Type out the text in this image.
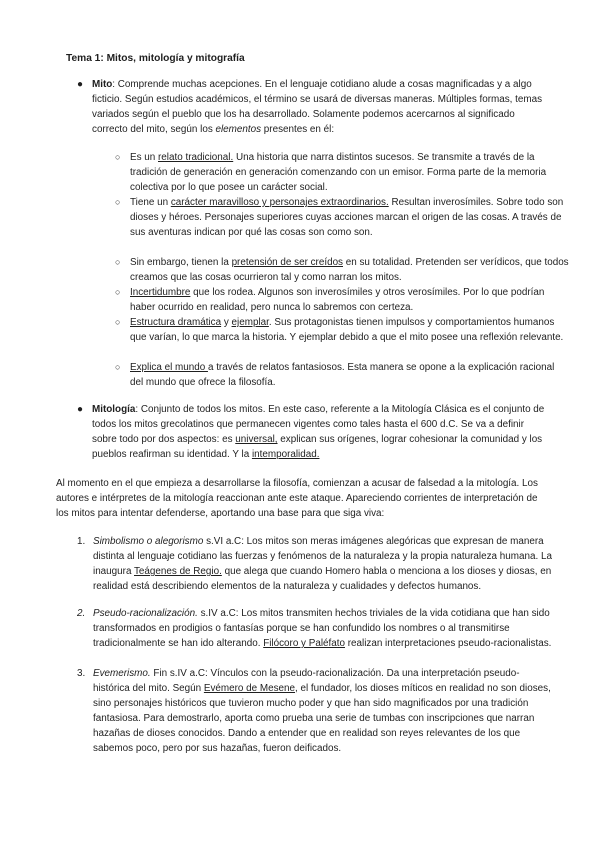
Tema 1: Mitos, mitología y mitografía
● Mito: Comprende muchas acepciones. En el lenguaje cotidiano alude a cosas magnificadas y a algo ficticio. Según estudios académicos, el término se usará de diversas maneras. Múltiples formas, temas variados según el pueblo que los ha desarrollado. Solamente podemos acercarnos al significado correcto del mito, según los elementos presentes en él:
○ Es un relato tradicional. Una historia que narra distintos sucesos. Se transmite a través de la tradición de generación en generación comenzando con un emisor. Forma parte de la memoria colectiva por lo que posee un carácter social.
○ Tiene un carácter maravilloso y personajes extraordinarios. Resultan inverosímiles. Sobre todo son dioses y héroes. Personajes superiores cuyas acciones marcan el origen de las cosas. A través de sus aventuras indican por qué las cosas son como son.
○ Sin embargo, tienen la pretensión de ser creídos en su totalidad. Pretenden ser verídicos, que todos creamos que las cosas ocurrieron tal y como narran los mitos.
○ Incertidumbre que los rodea. Algunos son inverosímiles y otros verosímiles. Por lo que podrían haber ocurrido en realidad, pero nunca lo sabremos con certeza.
○ Estructura dramática y ejemplar. Sus protagonistas tienen impulsos y comportamientos humanos que varían, lo que marca la historia. Y ejemplar debido a que el mito posee una reflexión relevante.
○ Explica el mundo a través de relatos fantasiosos. Esta manera se opone a la explicación racional del mundo que ofrece la filosofía.
● Mitología: Conjunto de todos los mitos. En este caso, referente a la Mitología Clásica es el conjunto de todos los mitos grecolatinos que permanecen vigentes como tales hasta el 600 d.C. Se va a definir sobre todo por dos aspectos: es universal, explican sus orígenes, lograr cohesionar la comunidad y los pueblos reafirman su identidad. Y la intemporalidad.
Al momento en el que empieza a desarrollarse la filosofía, comienzan a acusar de falsedad a la mitología. Los autores e intérpretes de la mitología reaccionan ante este ataque. Apareciendo corrientes de interpretación de los mitos para intentar defenderse, aportando una base para que siga viva:
1. Simbolismo o alegorismo s.VI a.C: Los mitos son meras imágenes alegóricas que expresan de manera distinta al lenguaje cotidiano las fuerzas y fenómenos de la naturaleza y la propia naturaleza humana. La inaugura Teágenes de Regio. que alega que cuando Homero habla o menciona a los dioses y diosas, en realidad está describiendo elementos de la naturaleza y cualidades y defectos humanos.
2. Pseudo-racionalización. s.IV a.C: Los mitos transmiten hechos triviales de la vida cotidiana que han sido transformados en prodigios o fantasías porque se han confundido los nombres o al transmitirse tradicionalmente se han ido alterando. Filócoro y Paléfato realizan interpretaciones pseudo-racionalistas.
3. Evemerismo. Fin s.IV a.C: Vínculos con la pseudo-racionalización. Da una interpretación pseudo-histórica del mito. Según Evémero de Mesene, el fundador, los dioses míticos en realidad no son dioses, sino personajes históricos que tuvieron mucho poder y que han sido magnificados por una tradición fantasiosa. Para demostrarlo, aporta como prueba una serie de tumbas con inscripciones que narran hazañas de dioses conocidos. Dando a entender que en realidad son reyes relevantes de los que sabemos poco, pero por sus hazañas, fueron deificados.
